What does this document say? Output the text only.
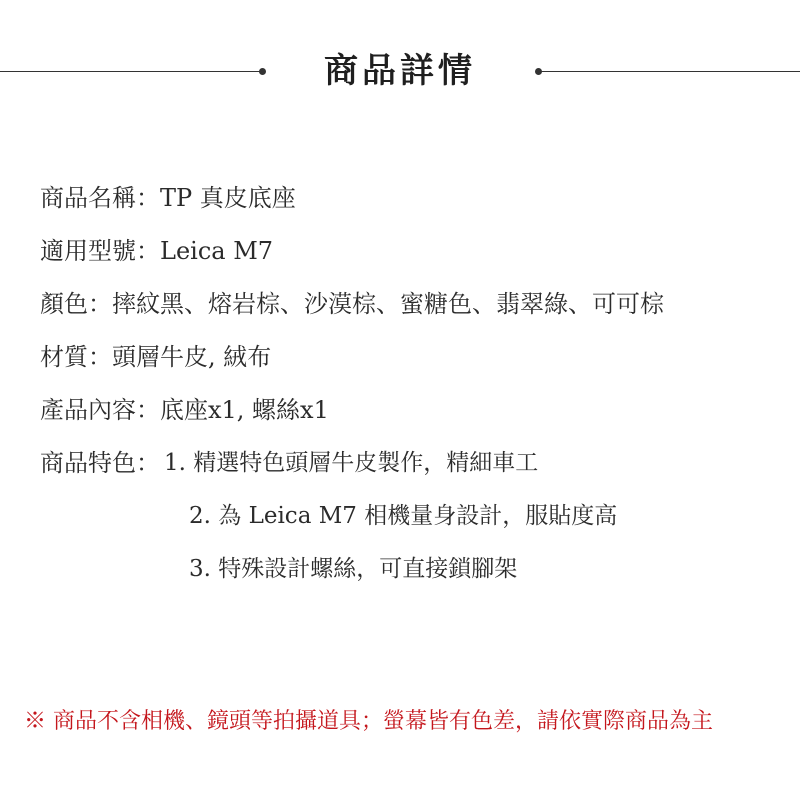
商品詳情
商品名稱： TP 真皮底座
適用型號： Leica M7
顏色： 摔紋黑、熔岩棕、沙漠棕、蜜糖色、翡翠綠、可可棕
材質： 頭層牛皮, 絨布
產品內容： 底座x1, 螺絲x1
商品特色： 1. 精選特色頭層牛皮製作，精細車工
2. 為 Leica M7 相機量身設計，服貼度高
3. 特殊設計螺絲，可直接鎖腳架
※ 商品不含相機、鏡頭等拍攝道具；螢幕皆有色差，請依實際商品為主
